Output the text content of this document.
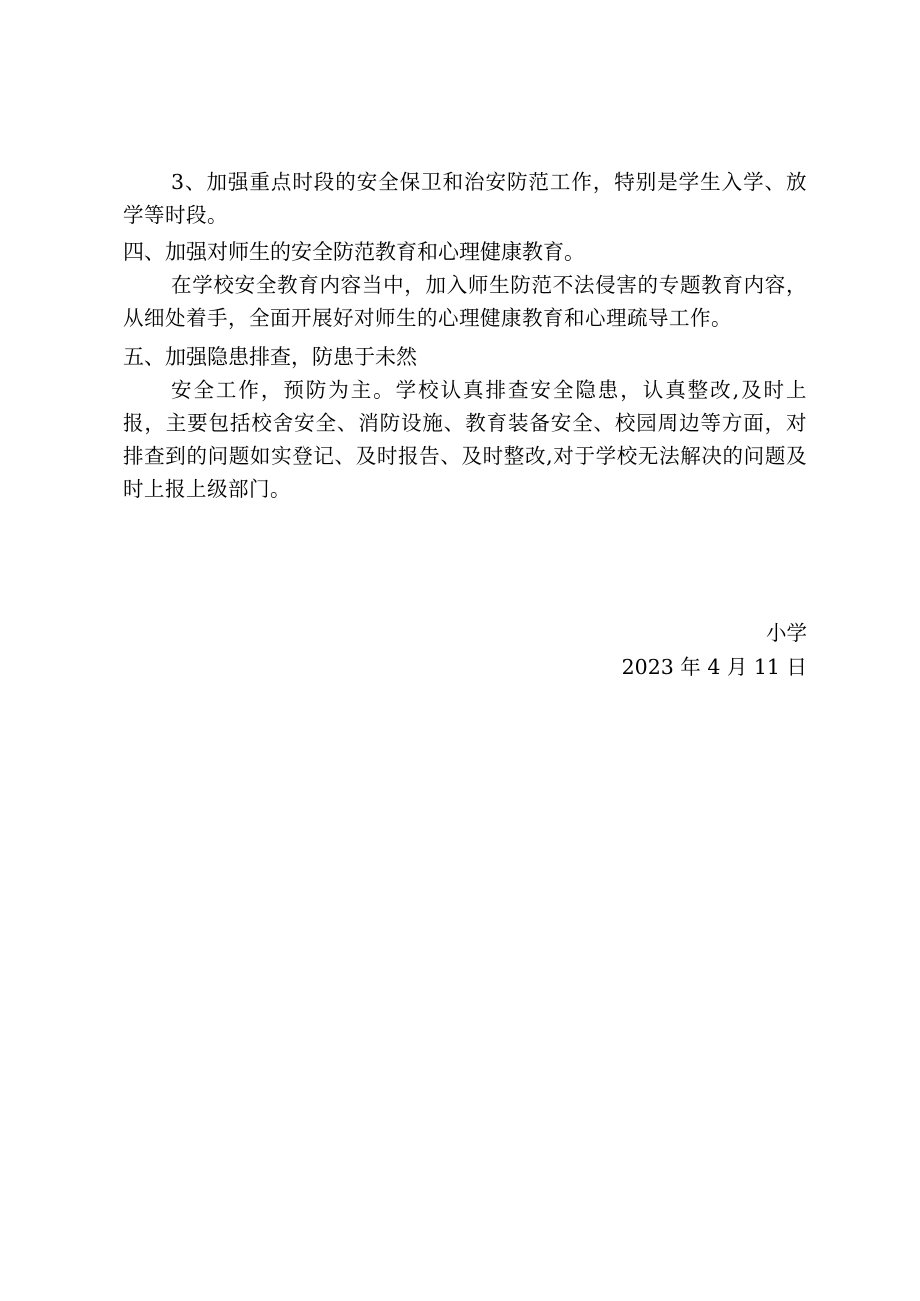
3、加强重点时段的安全保卫和治安防范工作，特别是学生入学、放学等时段。

四、加强对师生的安全防范教育和心理健康教育。

在学校安全教育内容当中，加入师生防范不法侵害的专题教育内容，从细处着手，全面开展好对师生的心理健康教育和心理疏导工作。

五、加强隐患排查，防患于未然

安全工作，预防为主。学校认真排查安全隐患，认真整改,及时上报，主要包括校舍安全、消防设施、教育装备安全、校园周边等方面，对排查到的问题如实登记、及时报告、及时整改,对于学校无法解决的问题及时上报上级部门。

小学
2023 年 4 月 11 日
